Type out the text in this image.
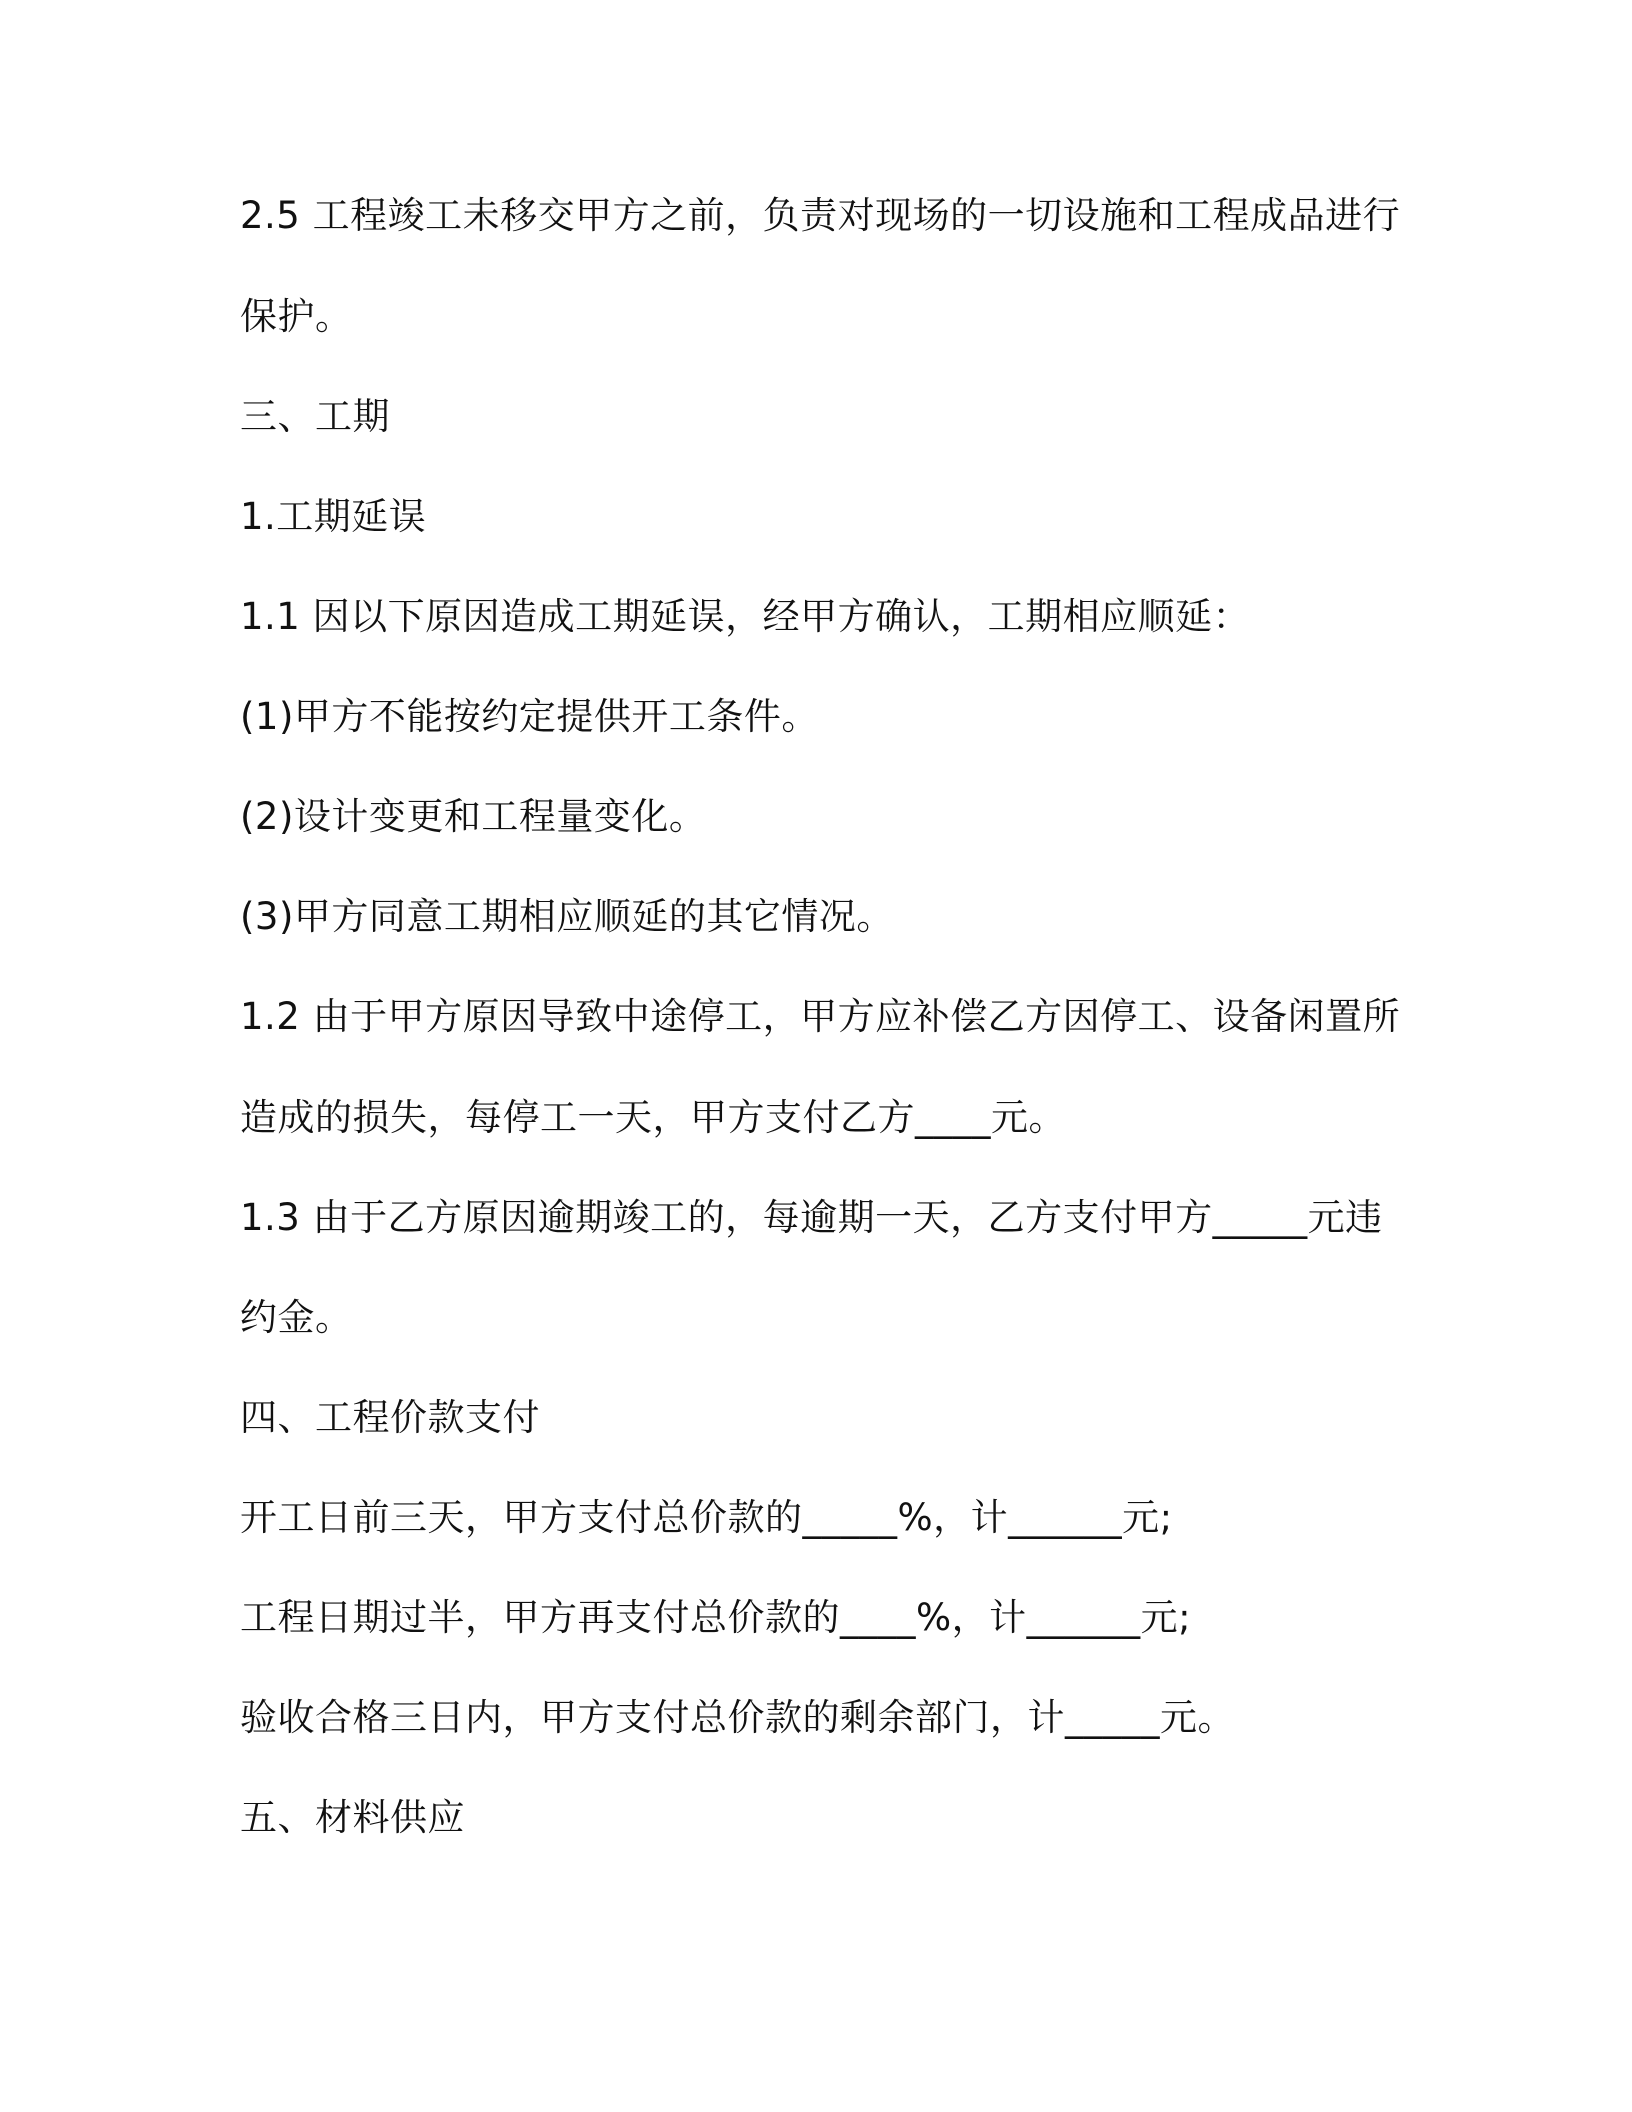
2.5 工程竣工未移交甲方之前，负责对现场的一切设施和工程成品进行
保护。
三、工期
1.工期延误
1.1 因以下原因造成工期延误，经甲方确认，工期相应顺延：
(1)甲方不能按约定提供开工条件。
(2)设计变更和工程量变化。
(3)甲方同意工期相应顺延的其它情况。
1.2 由于甲方原因导致中途停工，甲方应补偿乙方因停工、设备闲置所
造成的损失，每停工一天，甲方支付乙方____元。
1.3 由于乙方原因逾期竣工的，每逾期一天，乙方支付甲方_____元违
约金。
四、工程价款支付
开工日前三天，甲方支付总价款的_____%，计______元;
工程日期过半，甲方再支付总价款的____%，计______元;
验收合格三日内，甲方支付总价款的剩余部门，计_____元。
五、材料供应
